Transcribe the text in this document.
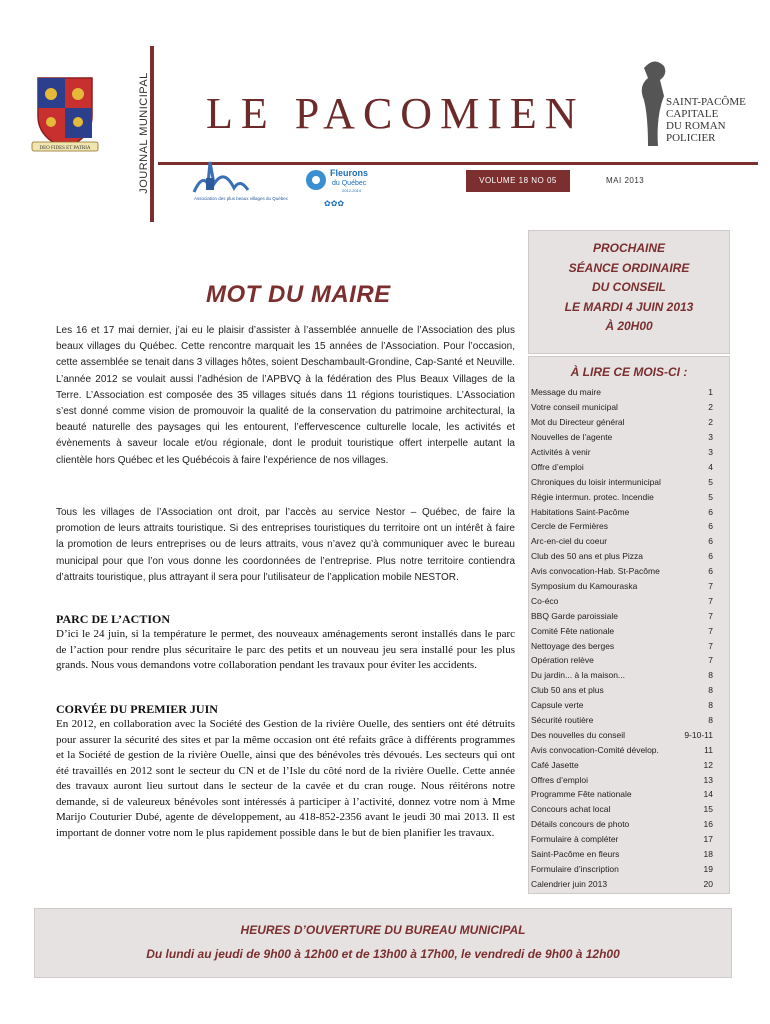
DEO FIDES ET PATRIA	JOURNAL MUNICIPAL LE PACOMIEN
VOLUME 18 NO 05	MAI 2013
Association des plus beaux villages du Québec
Fleurons
du Québec
2012-2014
✿✿✿
SAINT-PACÔME
CAPITALE
DU ROMAN
POLICIER
MOT DU MAIRE

Les 16 et 17 mai dernier, j’ai eu le plaisir d’assister à l’assemblée annuelle de l’Association des plus beaux villages du Québec. Cette rencontre marquait les 15 années de l’Association. Pour l’occasion, cette assemblée se tenait dans 3 villages hôtes, soient Deschambault-Grondine, Cap-Santé et Neuville. L’année 2012 se voulait aussi l’adhésion de l’APBVQ à la fédération des Plus Beaux Villages de la Terre. L’Association est composée des 35 villages situés dans 11 régions touristiques. L’Association s’est donné comme vision de promouvoir la qualité de la conservation du patrimoine architectural, la beauté naturelle des paysages qui les entourent, l’effervescence culturelle locale, les activités et évènements à saveur locale et/ou régionale, dont le produit touristique offert interpelle autant la clientèle hors Québec et les Québécois à faire l’expérience de nos villages.

Tous les villages de l’Association ont droit, par l’accès au service Nestor – Québec, de faire la promotion de leurs attraits touristique. Si des entreprises touristiques du territoire ont un intérêt à faire la promotion de leurs entreprises ou de leurs attraits, vous n’avez qu’à communiquer avec le bureau municipal pour que l’on vous donne les coordonnées de l’entreprise. Plus notre territoire contiendra d’attraits touristique, plus attrayant il sera pour l’utilisateur de l’application mobile NESTOR.

PARC DE L’ACTION

D’ici le 24 juin, si la température le permet, des nouveaux aménagements seront installés dans le parc de l’action pour rendre plus sécuritaire le parc des petits et un nouveau jeu sera installé pour les plus grands. Nous vous demandons votre collaboration pendant les travaux pour éviter les accidents.

CORVÉE DU PREMIER JUIN

En 2012, en collaboration avec la Société des Gestion de la rivière Ouelle, des sentiers ont été détruits pour assurer la sécurité des sites et par la même occasion ont été refaits grâce à différents programmes et la Société de gestion de la rivière Ouelle, ainsi que des bénévoles très dévoués. Les secteurs qui ont été travaillés en 2012 sont le secteur du CN et de l’Isle du côté nord de la rivière Ouelle. Cette année des travaux auront lieu surtout dans le secteur de la cavée et du cran rouge. Nous réitérons notre demande, si de valeureux bénévoles sont intéressés à participer à l’activité, donnez votre nom à Mme Marijo Couturier Dubé, agente de développement, au 418-852-2356 avant le jeudi 30 mai 2013. Il est important de donner votre nom le plus rapidement possible dans le but de bien planifier les travaux.

PROCHAINE
SÉANCE ORDINAIRE
DU CONSEIL
LE MARDI 4 JUIN 2013
À 20H00
À LIRE CE MOIS-CI :
Message du maire	1
Votre conseil municipal	2
Mot du Directeur général	2
Nouvelles de l’agente	3
Activités à venir	3
Offre d’emploi	4
Chroniques du loisir intermunicipal	5
Régie intermun. protec. Incendie	5
Habitations Saint-Pacôme	6
Cercle de Fermières	6
Arc-en-ciel du coeur	6
Club des 50 ans et plus Pizza	6
Avis convocation-Hab. St-Pacôme	6
Symposium du Kamouraska	7
Co-éco	7
BBQ Garde paroissiale	7
Comité Fête nationale	7
Nettoyage des berges	7
Opération relève	7
Du jardin... à la maison...	8
Club 50 ans et plus	8
Capsule verte	8
Sécurité routière	8
Des nouvelles du conseil	9-10-11
Avis convocation-Comité dévelop.	11
Café Jasette	12
Offres d’emploi	13
Programme Fête nationale	14
Concours achat local	15
Détails concours de photo	16
Formulaire à compléter	17
Saint-Pacôme en fleurs	18
Formulaire d’inscription	19
Calendrier juin 2013	20
HEURES D’OUVERTURE DU BUREAU MUNICIPAL
Du lundi au jeudi de 9h00 à 12h00 et de 13h00 à 17h00, le vendredi de 9h00 à 12h00
